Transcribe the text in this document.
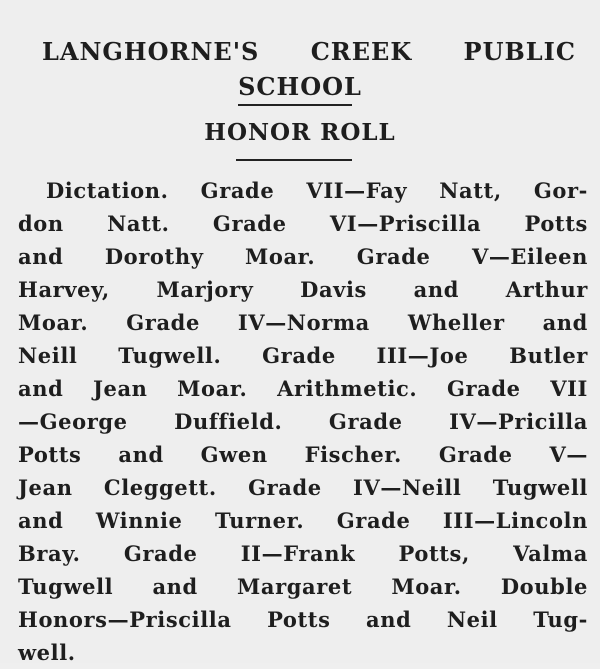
LANGHORNE'S CREEK PUBLIC
SCHOOL
HONOR ROLL
Dictation. Grade VII—Fay Natt, Gor-
don Natt. Grade VI—Priscilla Potts
and Dorothy Moar. Grade V—Eileen
Harvey, Marjory Davis and Arthur
Moar. Grade IV—Norma Wheller and
Neill Tugwell. Grade III—Joe Butler
and Jean Moar. Arithmetic. Grade VII
—George Duffield. Grade IV—Pricilla
Potts and Gwen Fischer. Grade V—
Jean Cleggett. Grade IV—Neill Tugwell
and Winnie Turner. Grade III—Lincoln
Bray. Grade II—Frank Potts, Valma
Tugwell and Margaret Moar. Double
Honors—Priscilla Potts and Neil Tug-
well.
